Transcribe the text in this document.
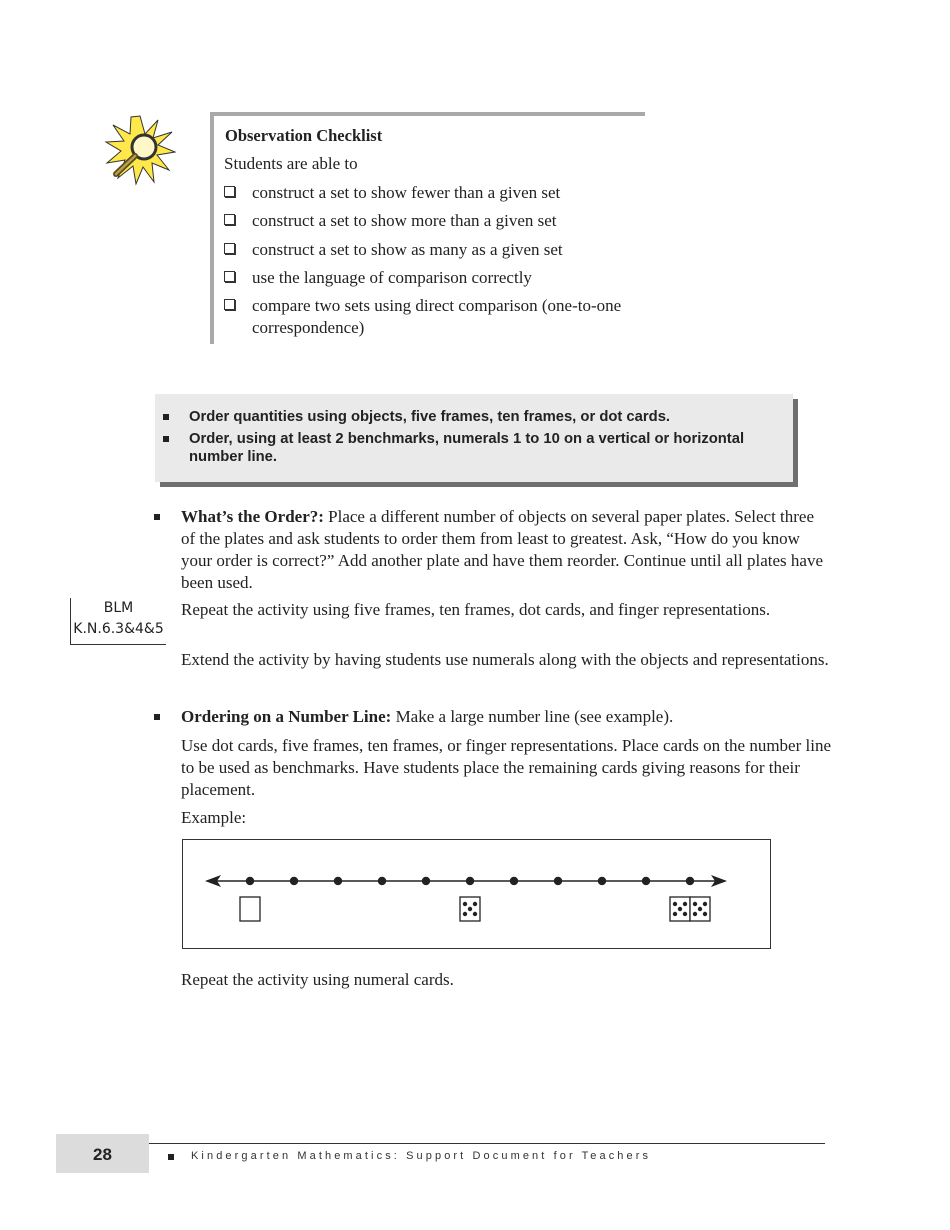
Observation Checklist
Students are able to
construct a set to show fewer than a given set
construct a set to show more than a given set
construct a set to show as many as a given set
use the language of comparison correctly
compare two sets using direct comparison (one-to-one correspondence)
Order quantities using objects, five frames, ten frames, or dot cards.
Order, using at least 2 benchmarks, numerals 1 to 10 on a vertical or horizontal number line.
What’s the Order?: Place a different number of objects on several paper plates. Select three of the plates and ask students to order them from least to greatest. Ask, “How do you know your order is correct?” Add another plate and have them reorder. Continue until all plates have been used.
BLM
K.N.6.3&4&5
Repeat the activity using five frames, ten frames, dot cards, and finger representations.
Extend the activity by having students use numerals along with the objects and representations.
Ordering on a Number Line: Make a large number line (see example).
Use dot cards, five frames, ten frames, or finger representations. Place cards on the number line to be used as benchmarks. Have students place the remaining cards giving reasons for their placement.
Example:
Repeat the activity using numeral cards.
28	Kindergarten Mathematics: Support Document for Teachers
